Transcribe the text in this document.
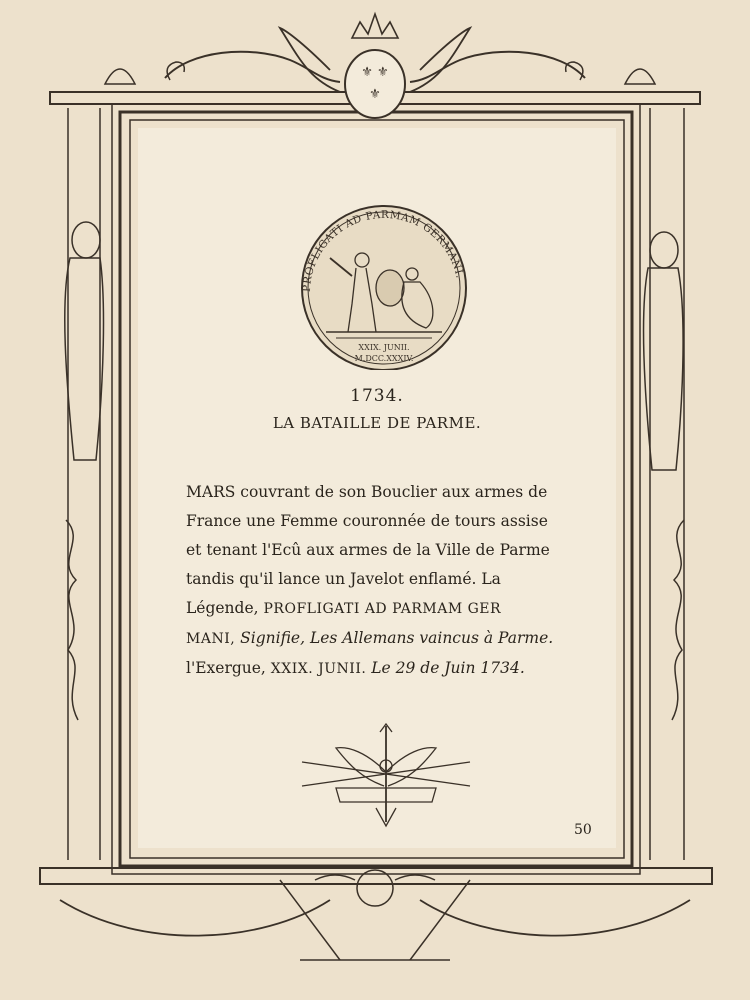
⚜ ⚜
⚜
PROFLIGATI AD PARMAM GERMANI.
XXIX. JUNII.
M.DCC.XXXIV.
1734.
LA BATAILLE DE PARME.
MARS couvrant de son Bouclier aux armes de
France une Femme couronnée de tours assise
et tenant l'Ecû aux armes de la Ville de Parme
tandis qu'il lance un Javelot enflamé. La
Légende, PROFLIGATI AD PARMAM GER
MANI, Signifie, Les Allemans vaincus à Parme.
l'Exergue, XXIX. JUNII. Le 29 de Juin 1734.
50
